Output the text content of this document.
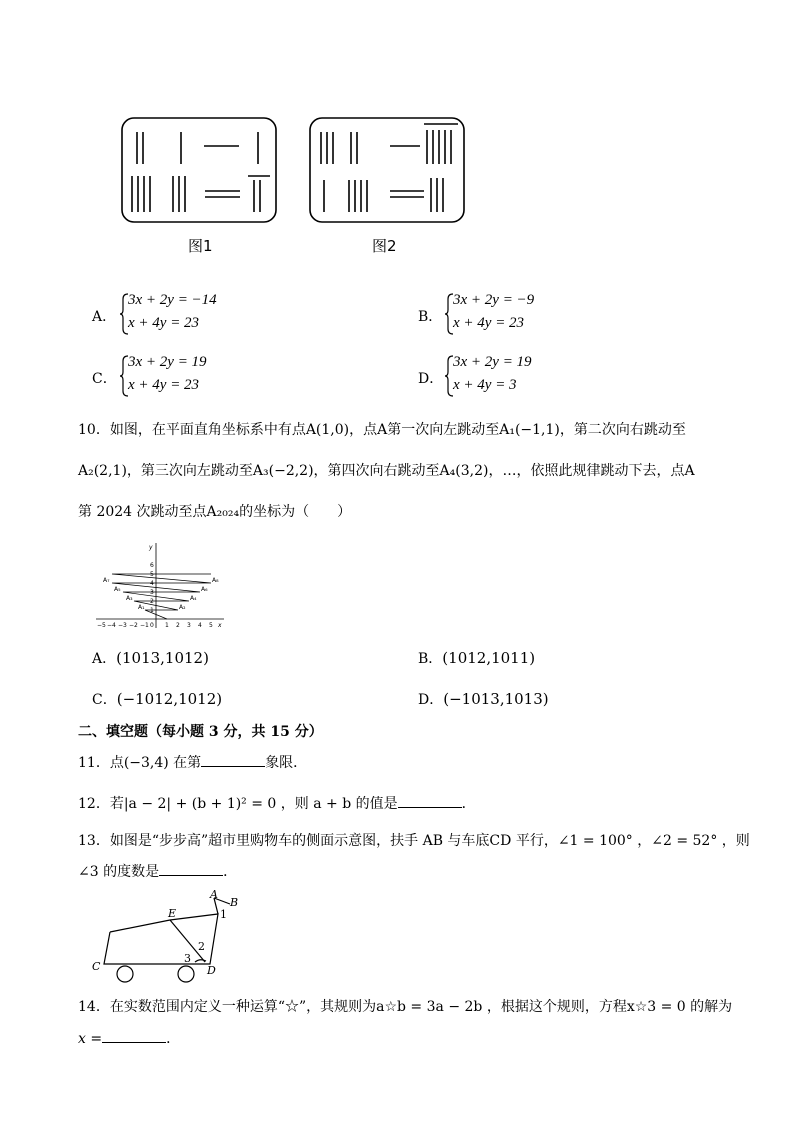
图1	图2
A．
3x + 2y = −14
x + 4y = 23	B．
3x + 2y = −9
x + 4y = 23
C．
3x + 2y = 19
x + 4y = 23	D．
3x + 2y = 19
x + 4y = 3
10．如图，在平面直角坐标系中有点A(1,0)，点A第一次向左跳动至A₁(−1,1)，第二次向右跳动至
A₂(2,1)，第三次向左跳动至A₃(−2,2)，第四次向右跳动至A₄(3,2)，…，依照此规律跳动下去，点A
第 2024 次跳动至点A₂₀₂₄的坐标为（　　）
−5 −4 −3 −2 −1 0 1 2 3 4 5 x
1
2
3
4
5
6
y
A₁	A₂
A₃	A₄
A₅	A₆
A₇	A₈
A．(1013,1012)	B．(1012,1011)
C．(−1012,1012)	D．(−1013,1013)
二、填空题（每小题 3 分，共 15 分）
11．点(−3,4) 在第	象限．
12．若|a − 2| + (b + 1)² = 0 ，则 a + b 的值是	．
13．如图是“步步高”超市里购物车的侧面示意图，扶手 AB 与车底CD 平行，∠1 = 100° ，∠2 = 52° ，则
∠3 的度数是	．
A
B
1
E
2
3
C	D
14．在实数范围内定义一种运算“☆”，其规则为a☆b = 3a − 2b ，根据这个规则，方程x☆3 = 0 的解为
x =	．
